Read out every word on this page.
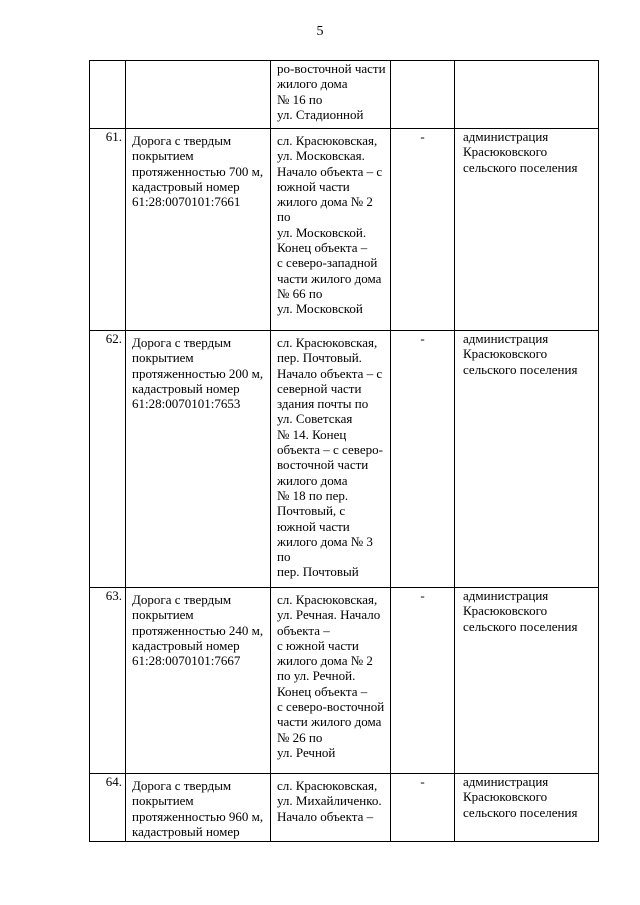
5
		ро-восточной части жилого дома
№ 16 по
ул. Стадионной		
61.	Дорога с твердым покрытием протяженностью 700 м,
кадастровый номер 61:28:0070101:7661	сл. Красюковская, ул. Московская. Начало объекта – с южной части жилого дома № 2 по
ул. Московской. Конец объекта –
с северо-западной части жилого дома № 66 по
ул. Московской	-	администрация Красюковского сельского поселения
62.	Дорога с твердым покрытием протяженностью 200 м,
кадастровый номер 61:28:0070101:7653	сл. Красюковская, пер. Почтовый. Начало объекта – с северной части здания почты по
ул. Советская
№ 14. Конец объекта – с северо-восточной части жилого дома
№ 18 по пер. Почтовый, с южной части жилого дома № 3 по
пер. Почтовый	-	администрация Красюковского сельского поселения
63.	Дорога с твердым покрытием протяженностью 240 м,
кадастровый номер 61:28:0070101:7667	сл. Красюковская, ул. Речная. Начало объекта –
с южной части жилого дома № 2 по ул. Речной. Конец объекта –
с северо-восточной части жилого дома № 26 по
ул. Речной	-	администрация Красюковского сельского поселения
64.	Дорога с твердым покрытием протяженностью 960 м,
кадастровый номер	сл. Красюковская, ул. Михайличенко. Начало объекта –	-	администрация Красюковского сельского поселения
